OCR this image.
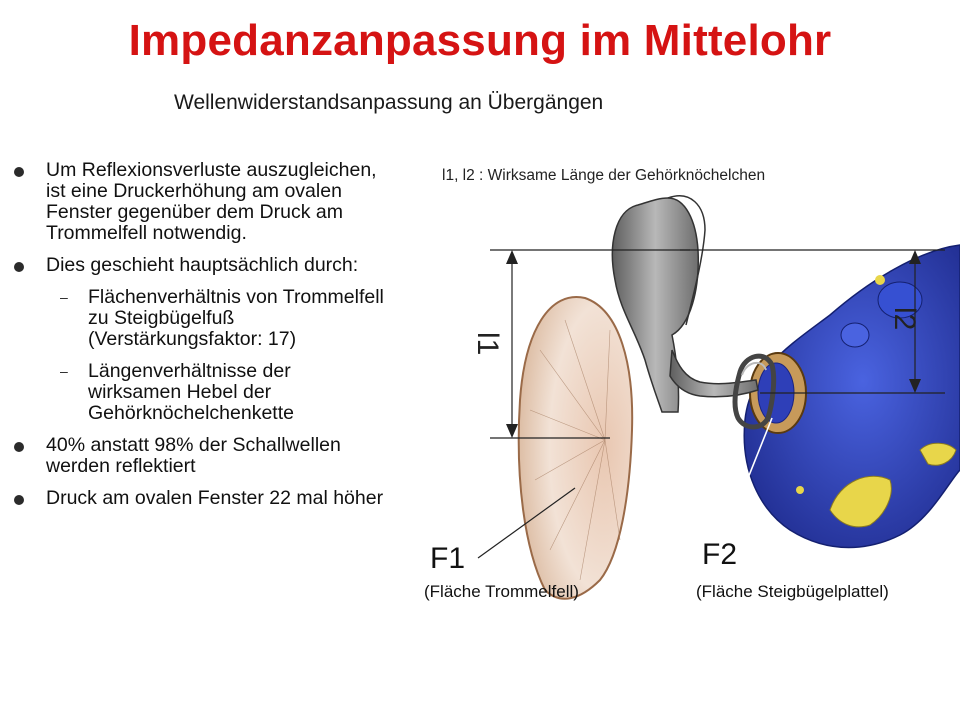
Impedanzanpassung im Mittelohr
Wellenwiderstandsanpassung an Übergängen
Um Reflexionsverluste auszugleichen, ist eine Druckerhöhung am ovalen Fenster gegenüber dem Druck am Trommelfell notwendig.
Dies geschieht hauptsächlich durch:
– Flächenverhältnis von Trommelfell zu Steigbügelfuß (Verstärkungsfaktor: 17)
– Längenverhältnisse der wirksamen Hebel der Gehörknöchelchenkette
40% anstatt 98% der Schallwellen werden reflektiert
Druck am ovalen Fenster 22 mal höher
l1, l2 : Wirksame Länge der Gehörknöchelchen
l1
l2
F1
(Fläche Trommelfell)
F2
(Fläche Steigbügelplattel)
